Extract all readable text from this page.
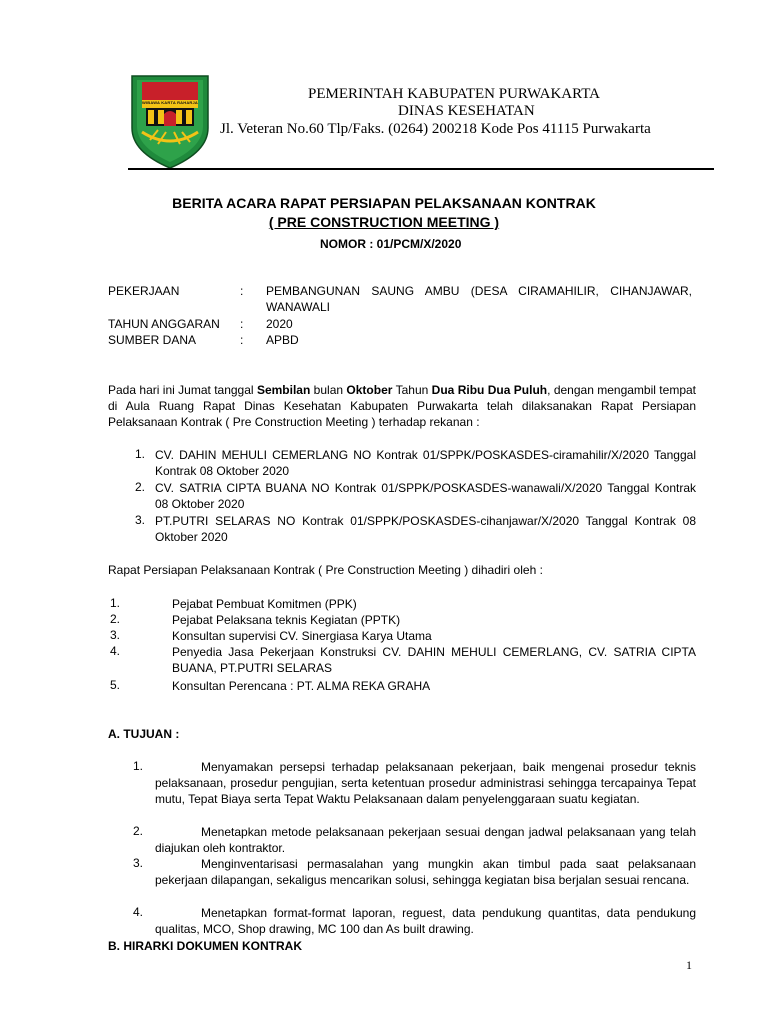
WIBAWA KARTA RAHARJA
PEMERINTAH KABUPATEN PURWAKARTA
DINAS KESEHATAN
Jl. Veteran No.60 Tlp/Faks. (0264) 200218 Kode Pos 41115 Purwakarta
BERITA ACARA RAPAT PERSIAPAN PELAKSANAAN KONTRAK
( PRE CONSTRUCTION MEETING )
NOMOR : 01/PCM/X/2020
PEKERJAAN	: PEMBANGUNAN SAUNG AMBU (DESA CIRAMAHILIR, CIHANJAWAR,
WANAWALI
TAHUN ANGGARAN : 2020
SUMBER DANA	: APBD
Pada hari ini Jumat tanggal Sembilan bulan Oktober Tahun Dua Ribu Dua Puluh, dengan mengambil tempat di Aula Ruang Rapat Dinas Kesehatan Kabupaten Purwakarta telah dilaksanakan Rapat Persiapan Pelaksanaan Kontrak ( Pre Construction Meeting ) terhadap rekanan :
1. CV. DAHIN MEHULI CEMERLANG NO Kontrak 01/SPPK/POSKASDES-ciramahilir/X/2020 Tanggal Kontrak 08 Oktober 2020
2. CV. SATRIA CIPTA BUANA NO Kontrak 01/SPPK/POSKASDES-wanawali/X/2020 Tanggal Kontrak 08 Oktober 2020
3. PT.PUTRI SELARAS NO Kontrak 01/SPPK/POSKASDES-cihanjawar/X/2020 Tanggal Kontrak 08 Oktober 2020
Rapat Persiapan Pelaksanaan Kontrak ( Pre Construction Meeting ) dihadiri oleh :
1.	Pejabat Pembuat Komitmen (PPK)
2.	Pejabat Pelaksana teknis Kegiatan (PPTK)
3.	Konsultan supervisi CV. Sinergiasa Karya Utama
4.	Penyedia Jasa Pekerjaan Konstruksi CV. DAHIN MEHULI CEMERLANG, CV. SATRIA CIPTA BUANA, PT.PUTRI SELARAS
5.	Konsultan Perencana : PT. ALMA REKA GRAHA
A. TUJUAN :
1.	Menyamakan persepsi terhadap pelaksanaan pekerjaan, baik mengenai prosedur teknis pelaksanaan, prosedur pengujian, serta ketentuan prosedur administrasi sehingga tercapainya Tepat mutu, Tepat Biaya serta Tepat Waktu Pelaksanaan dalam penyelenggaraan suatu kegiatan.
2.	Menetapkan metode pelaksanaan pekerjaan sesuai dengan jadwal pelaksanaan yang telah diajukan oleh kontraktor.
3.	Menginventarisasi permasalahan yang mungkin akan timbul pada saat pelaksanaan pekerjaan dilapangan, sekaligus mencarikan solusi, sehingga kegiatan bisa berjalan sesuai rencana.
4.	Menetapkan format-format laporan, reguest, data pendukung quantitas, data pendukung qualitas, MCO, Shop drawing, MC 100 dan As built drawing.
B. HIRARKI DOKUMEN KONTRAK
1
